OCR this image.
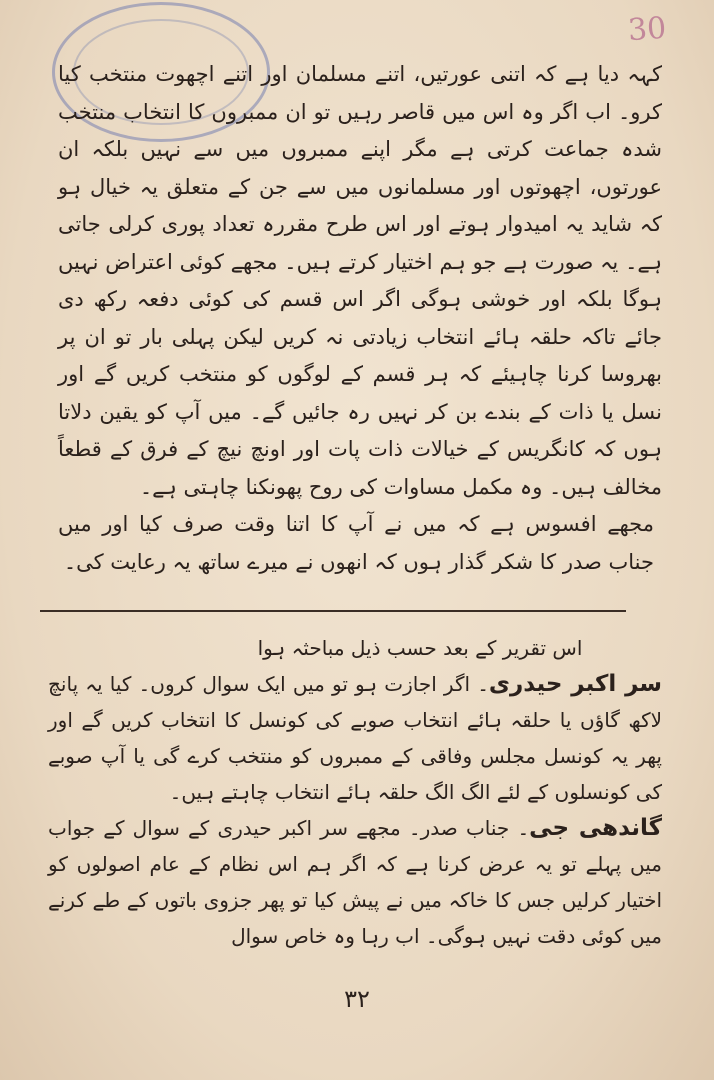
30

کہہ دیا ہے کہ اتنی عورتیں، اتنے مسلمان اور اتنے اچھوت منتخب کیا کرو۔ اب اگر وہ اس میں قاصر رہیں تو ان ممبروں کا انتخاب منتخب شدہ جماعت کرتی ہے مگر اپنے ممبروں میں سے نہیں بلکہ ان عورتوں، اچھوتوں اور مسلمانوں میں سے جن کے متعلق یہ خیال ہو کہ شاید یہ امیدوار ہوتے اور اس طرح مقررہ تعداد پوری کرلی جاتی ہے۔ یہ صورت ہے جو ہم اختیار کرتے ہیں۔ مجھے کوئی اعتراض نہیں ہوگا بلکہ اور خوشی ہوگی اگر اس قسم کی کوئی دفعہ رکھ دی جائے تاکہ حلقہ ہائے انتخاب زیادتی نہ کریں لیکن پہلی بار تو ان پر بھروسا کرنا چاہیئے کہ ہر قسم کے لوگوں کو منتخب کریں گے اور نسل یا ذات کے بندے بن کر نہیں رہ جائیں گے۔ میں آپ کو یقین دلاتا ہوں کہ کانگریس کے خیالات ذات پات اور اونچ نیچ کے فرق کے قطعاً مخالف ہیں۔ وہ مکمل مساوات کی روح پھونکنا چاہتی ہے۔

مجھے افسوس ہے کہ میں نے آپ کا اتنا وقت صرف کیا اور میں جناب صدر کا شکر گذار ہوں کہ انھوں نے میرے ساتھ یہ رعایت کی۔

اس تقریر کے بعد حسب ذیل مباحثہ ہوا

سر اکبر حیدری۔ اگر اجازت ہو تو میں ایک سوال کروں۔ کیا یہ پانچ لاکھ گاؤں یا حلقہ ہائے انتخاب صوبے کی کونسل کا انتخاب کریں گے اور پھر یہ کونسل مجلس وفاقی کے ممبروں کو منتخب کرے گی یا آپ صوبے کی کونسلوں کے لئے الگ الگ حلقہ ہائے انتخاب چاہتے ہیں۔

گاندھی جی۔ جناب صدر۔ مجھے سر اکبر حیدری کے سوال کے جواب میں پہلے تو یہ عرض کرنا ہے کہ اگر ہم اس نظام کے عام اصولوں کو اختیار کرلیں جس کا خاکہ میں نے پیش کیا تو پھر جزوی باتوں کے طے کرنے میں کوئی دقت نہیں ہوگی۔ اب رہا وہ خاص سوال

۳۲
